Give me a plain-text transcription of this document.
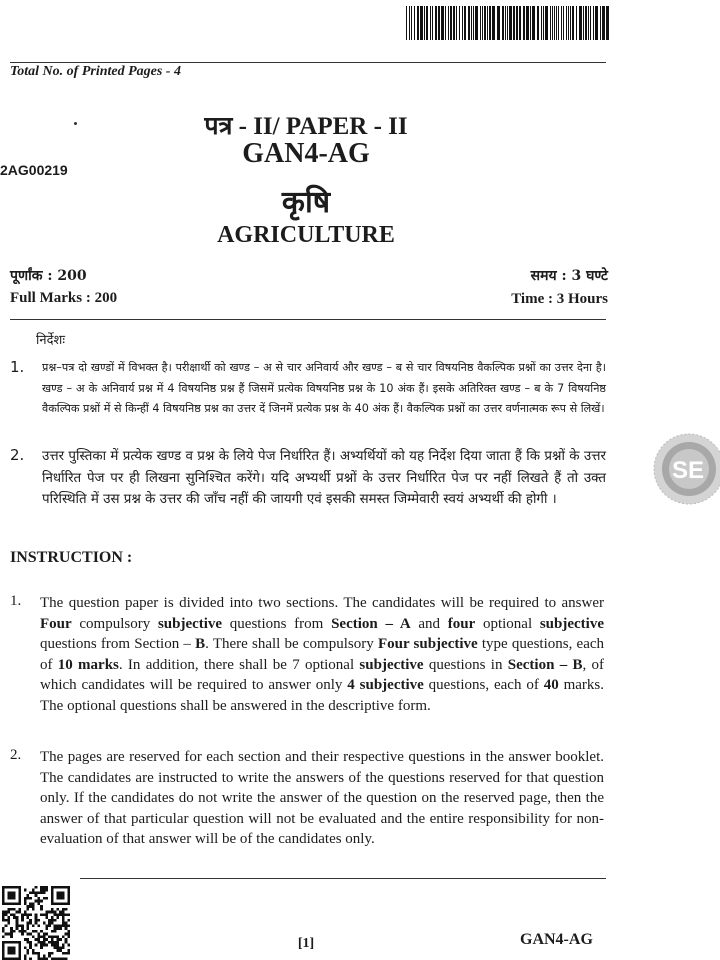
Total No. of Printed Pages - 4
पत्र - II/ PAPER - II
2AG00219
GAN4-AG
कृषि
AGRICULTURE
पूर्णांक : 200
Full Marks : 200
समय : 3 घण्टे
Time : 3 Hours
निर्देशः
1. प्रश्न–पत्र दो खण्डों में विभक्त है। परीक्षार्थी को खण्ड – अ से चार अनिवार्य और खण्ड – ब से चार विषयनिष्ठ वैकल्पिक प्रश्नों का उत्तर देना है। खण्ड – अ के अनिवार्य प्रश्न में 4 विषयनिष्ठ प्रश्न हैं जिसमें प्रत्येक विषयनिष्ठ प्रश्न के 10 अंक हैं। इसके अतिरिक्त खण्ड – ब के 7 विषयनिष्ठ वैकल्पिक प्रश्नों में से किन्हीं 4 विषयनिष्ठ प्रश्न का उत्तर दें जिनमें प्रत्येक प्रश्न के 40 अंक हैं। वैकल्पिक प्रश्नों का उत्तर वर्णनात्मक रूप से लिखें।
2. उत्तर पुस्तिका में प्रत्येक खण्ड व प्रश्न के लिये पेज निर्धारित हैं। अभ्यर्थियों को यह निर्देश दिया जाता हैं कि प्रश्नों के उत्तर निर्धारित पेज पर ही लिखना सुनिश्चित करेंगे। यदि अभ्यर्थी प्रश्नों के उत्तर निर्धारित पेज पर नहीं लिखते हैं तो उक्त परिस्थिति में उस प्रश्न के उत्तर की जाँच नहीं की जायगी एवं इसकी समस्त जिम्मेवारी स्वयं अभ्यर्थी की होगी ।
INSTRUCTION :
1. The question paper is divided into two sections. The candidates will be required to answer Four compulsory subjective questions from Section – A and four optional subjective questions from Section – B. There shall be compulsory Four subjective type questions, each of 10 marks. In addition, there shall be 7 optional subjective questions in Section – B, of which candidates will be required to answer only 4 subjective questions, each of 40 marks. The optional questions shall be answered in the descriptive form.
2. The pages are reserved for each section and their respective questions in the answer booklet. The candidates are instructed to write the answers of the questions reserved for that question only. If the candidates do not write the answer of the question on the reserved page, then the answer of that particular question will not be evaluated and the entire responsibility for non-evaluation of that answer will be of the candidates only.
[1]	GAN4-AG
SE
